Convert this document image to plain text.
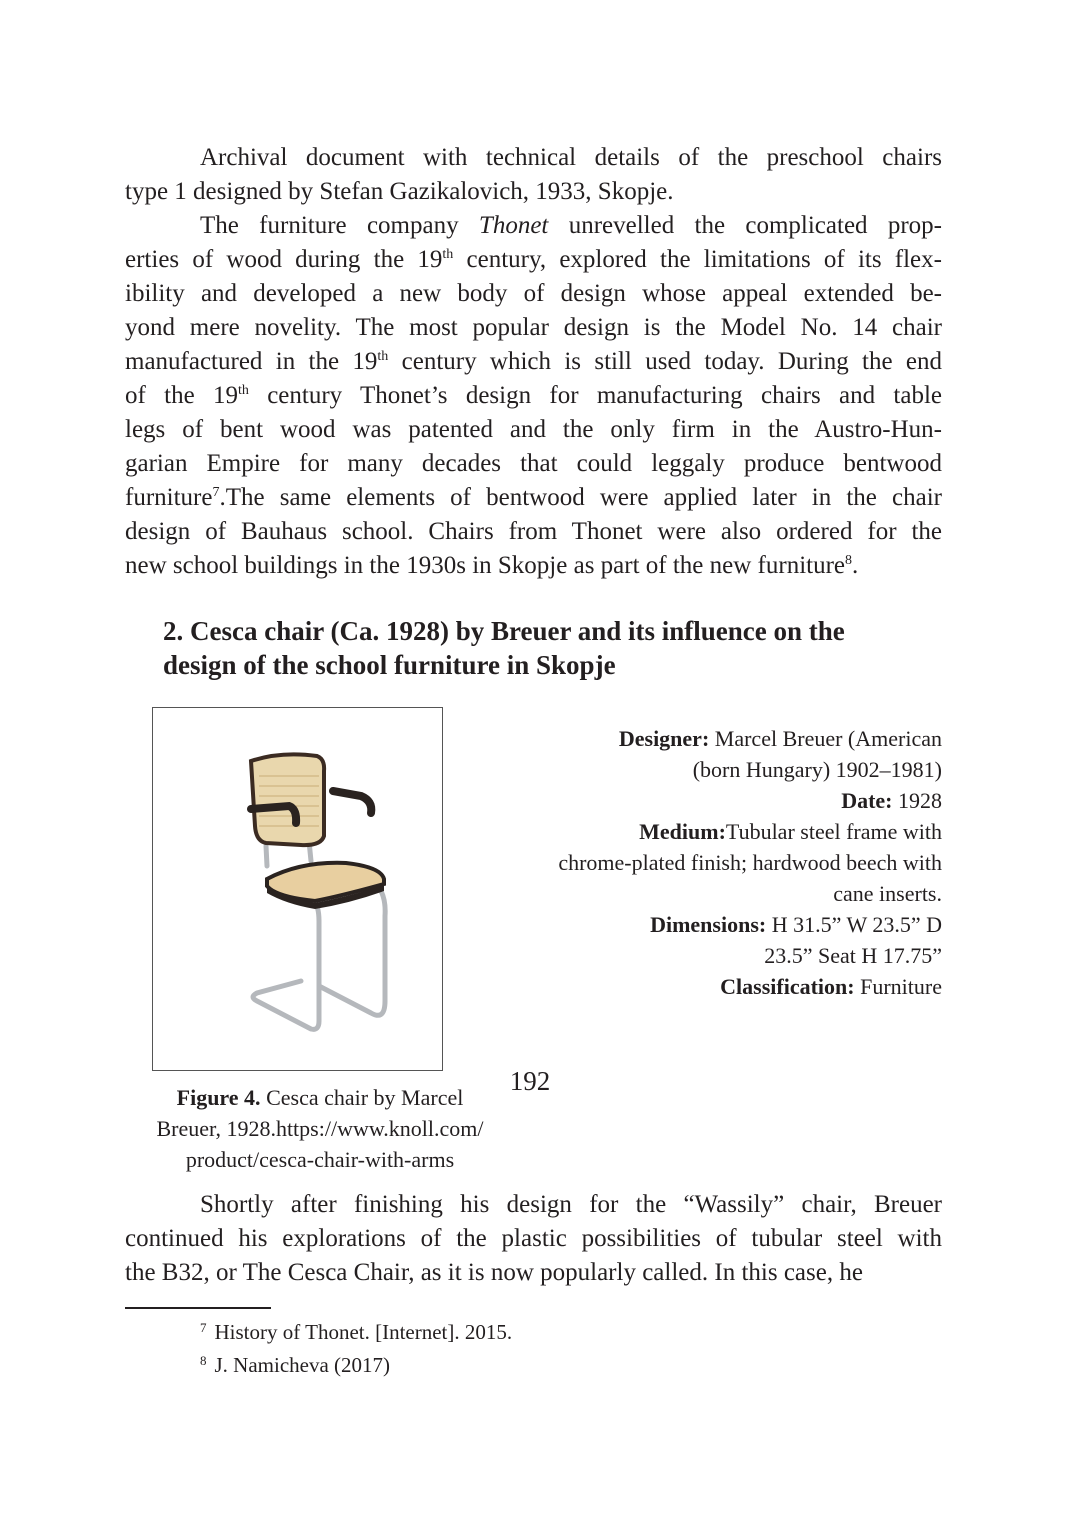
Archival document with technical details of the preschool chairs
type 1 designed by Stefan Gazikalovich, 1933, Skopje.
The furniture company Thonet unrevelled the complicated prop-
erties of wood during the 19th century, explored the limitations of its flex-
ibility and developed a new body of design whose appeal extended be-
yond mere novelity. The most popular design is the Model No. 14 chair
manufactured in the 19th century which is still used today. During the end
of the 19th century Thonet’s design for manufacturing chairs and table
legs of bent wood was patented and the only firm in the Austro-Hun-
garian Empire for many decades that could leggaly produce bentwood
furniture$^7$.The same elements of bentwood were applied later in the chair
design of Bauhaus school. Chairs from Thonet were also ordered for the
new school buildings in the 1930s in Skopje as part of the new furniture$^8$.
2. Cesca chair (Ca. 1928) by Breuer and its influence on the
design of the school furniture in Skopje
Designer: Marcel Breuer (American
(born Hungary) 1902–1981)
Date: 1928
Medium:Tubular steel frame with
chrome-plated finish; hardwood beech with
cane inserts.
Dimensions: H 31.5” W 23.5” D
23.5” Seat H 17.75”
Classification: Furniture
Figure 4. Cesca chair by Marcel
Breuer, 1928.https://www.knoll.com/
product/cesca-chair-with-arms
Shortly after finishing his design for the “Wassily” chair, Breuer
continued his explorations of the plastic possibilities of tubular steel with
the B32, or The Cesca Chair, as it is now popularly called. In this case, he
$^7$ History of Thonet. [Internet]. 2015.
$^8$ J. Namicheva (2017)
192
